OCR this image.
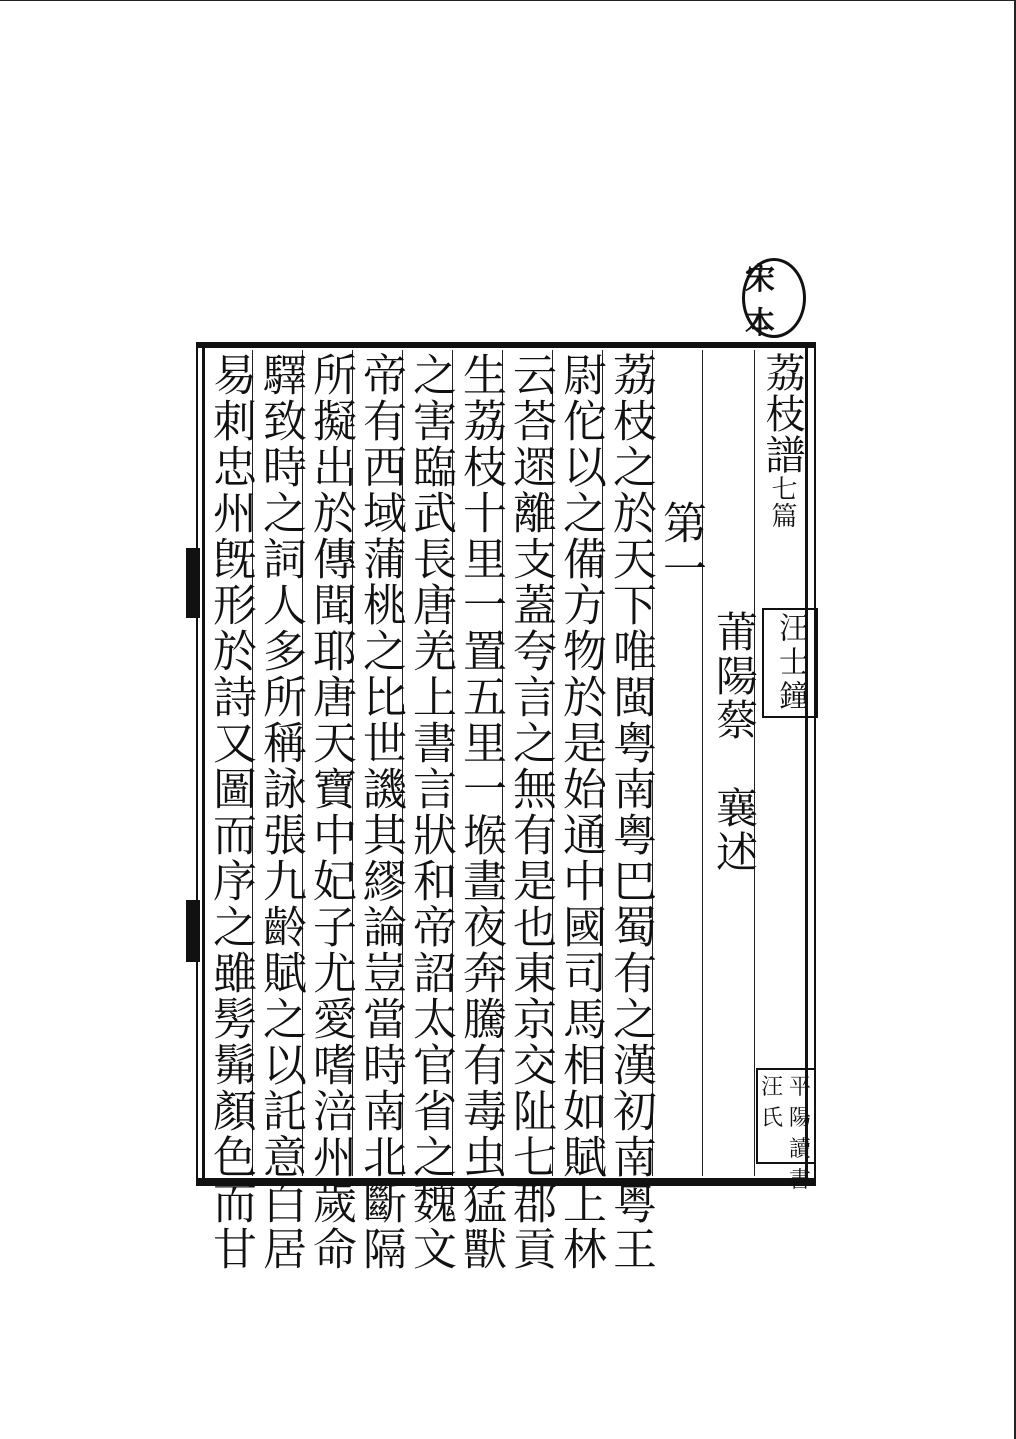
宋本
荔枝譜七篇
汪士鐘
莆陽蔡　襄述
第一
荔枝之於天下唯閩粤南粤巴蜀有之漢初南粤王
尉佗以之備方物於是始通中國司馬相如賦上林
云荅遝離支蓋夸言之無有是也東京交阯七郡貢
生荔枝十里一置五里一堠晝夜奔騰有毒虫猛獸
之害臨武長唐羌上書言狀和帝詔太官省之魏文
帝有西域蒲桃之比世譏其繆論豈當時南北斷隔
所擬出於傳聞耶唐天寶中妃子尤愛嗜涪州歲命
驛致時之詞人多所稱詠張九齡賦之以託意白居
易刺忠州旣形於詩又圖而序之雖髣髴顏色而甘	平陽
汪氏
讀書
